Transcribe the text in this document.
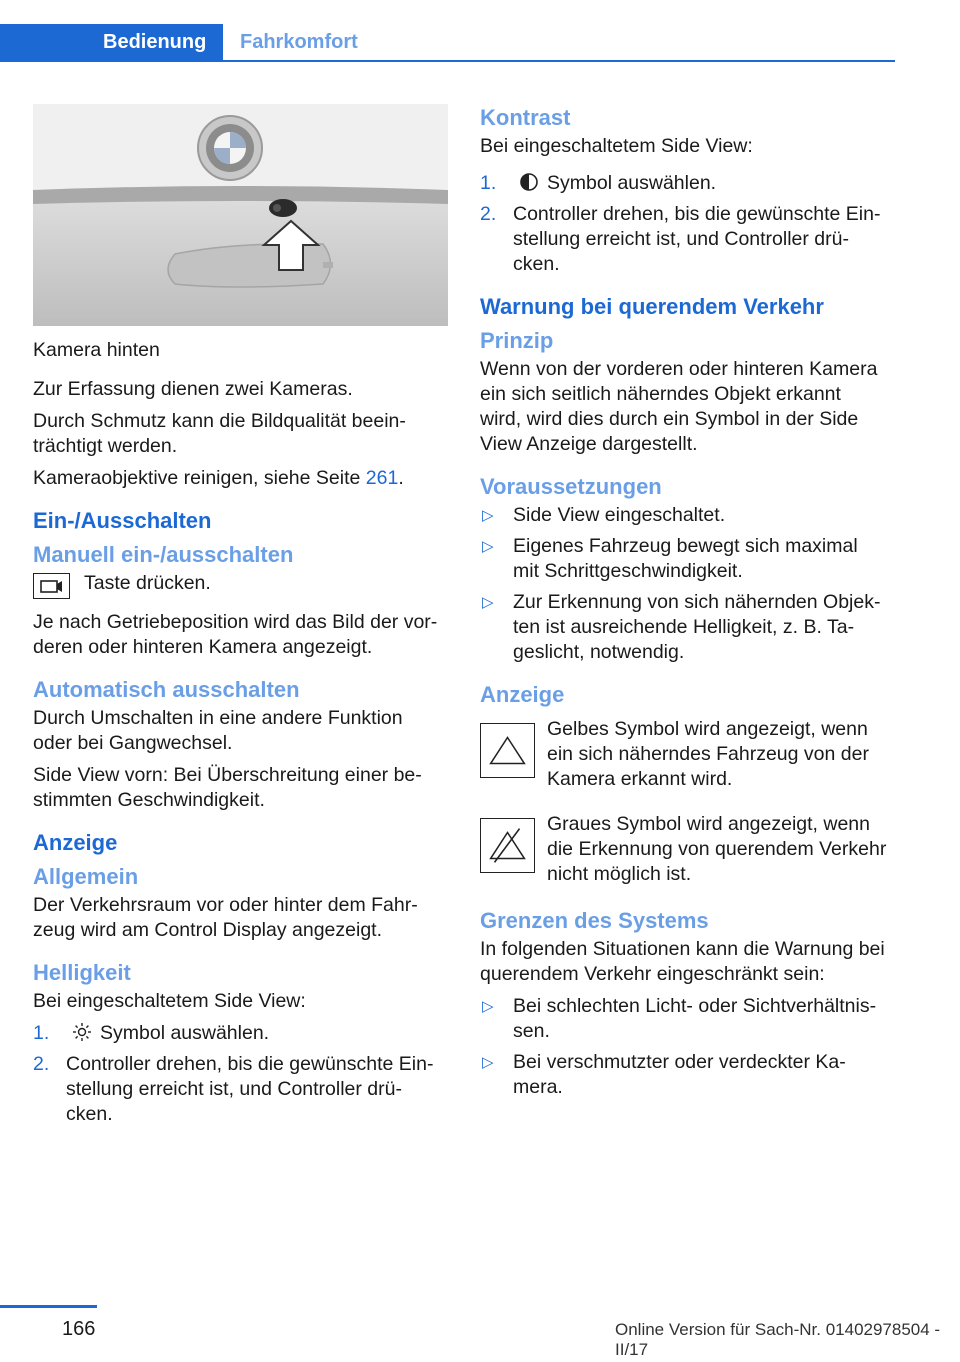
Bedienung	Fahrkomfort

Kamera hinten

Zur Erfassung dienen zwei Kameras.

Durch Schmutz kann die Bildqualität beein‐
trächtigt werden.

Kameraobjektive reinigen, siehe Seite 261.

Ein-/Ausschalten
Manuell ein-/ausschalten

Taste drücken.

Je nach Getriebeposition wird das Bild der vor‐
deren oder hinteren Kamera angezeigt.

Automatisch ausschalten

Durch Umschalten in eine andere Funktion
oder bei Gangwechsel.

Side View vorn: Bei Überschreitung einer be‐
stimmten Geschwindigkeit.

Anzeige
Allgemein

Der Verkehrsraum vor oder hinter dem Fahr‐
zeug wird am Control Display angezeigt.

Helligkeit

Bei eingeschaltetem Side View:

1.	Symbol auswählen.
2. Controller drehen, bis die gewünschte Ein‐
stellung erreicht ist, und Controller drü‐
cken.
Kontrast

Bei eingeschaltetem Side View:

1.	Symbol auswählen.
2. Controller drehen, bis die gewünschte Ein‐
stellung erreicht ist, und Controller drü‐
cken.
Warnung bei querendem Verkehr
Prinzip

Wenn von der vorderen oder hinteren Kamera
ein sich seitlich näherndes Objekt erkannt
wird, wird dies durch ein Symbol in der Side
View Anzeige dargestellt.

Voraussetzungen
▷ Side View eingeschaltet.
▷ Eigenes Fahrzeug bewegt sich maximal
mit Schrittgeschwindigkeit.
▷ Zur Erkennung von sich nähernden Objek‐
ten ist ausreichende Helligkeit, z. B. Ta‐
geslicht, notwendig.
Anzeige

Gelbes Symbol wird angezeigt, wenn
ein sich näherndes Fahrzeug von der
Kamera erkannt wird.

Graues Symbol wird angezeigt, wenn
die Erkennung von querendem Verkehr
nicht möglich ist.

Grenzen des Systems

In folgenden Situationen kann die Warnung bei
querendem Verkehr eingeschränkt sein:

▷ Bei schlechten Licht- oder Sichtverhältnis‐
sen.
▷ Bei verschmutzter oder verdeckter Ka‐
mera.
166	Online Version für Sach-Nr. 01402978504 - II/17
